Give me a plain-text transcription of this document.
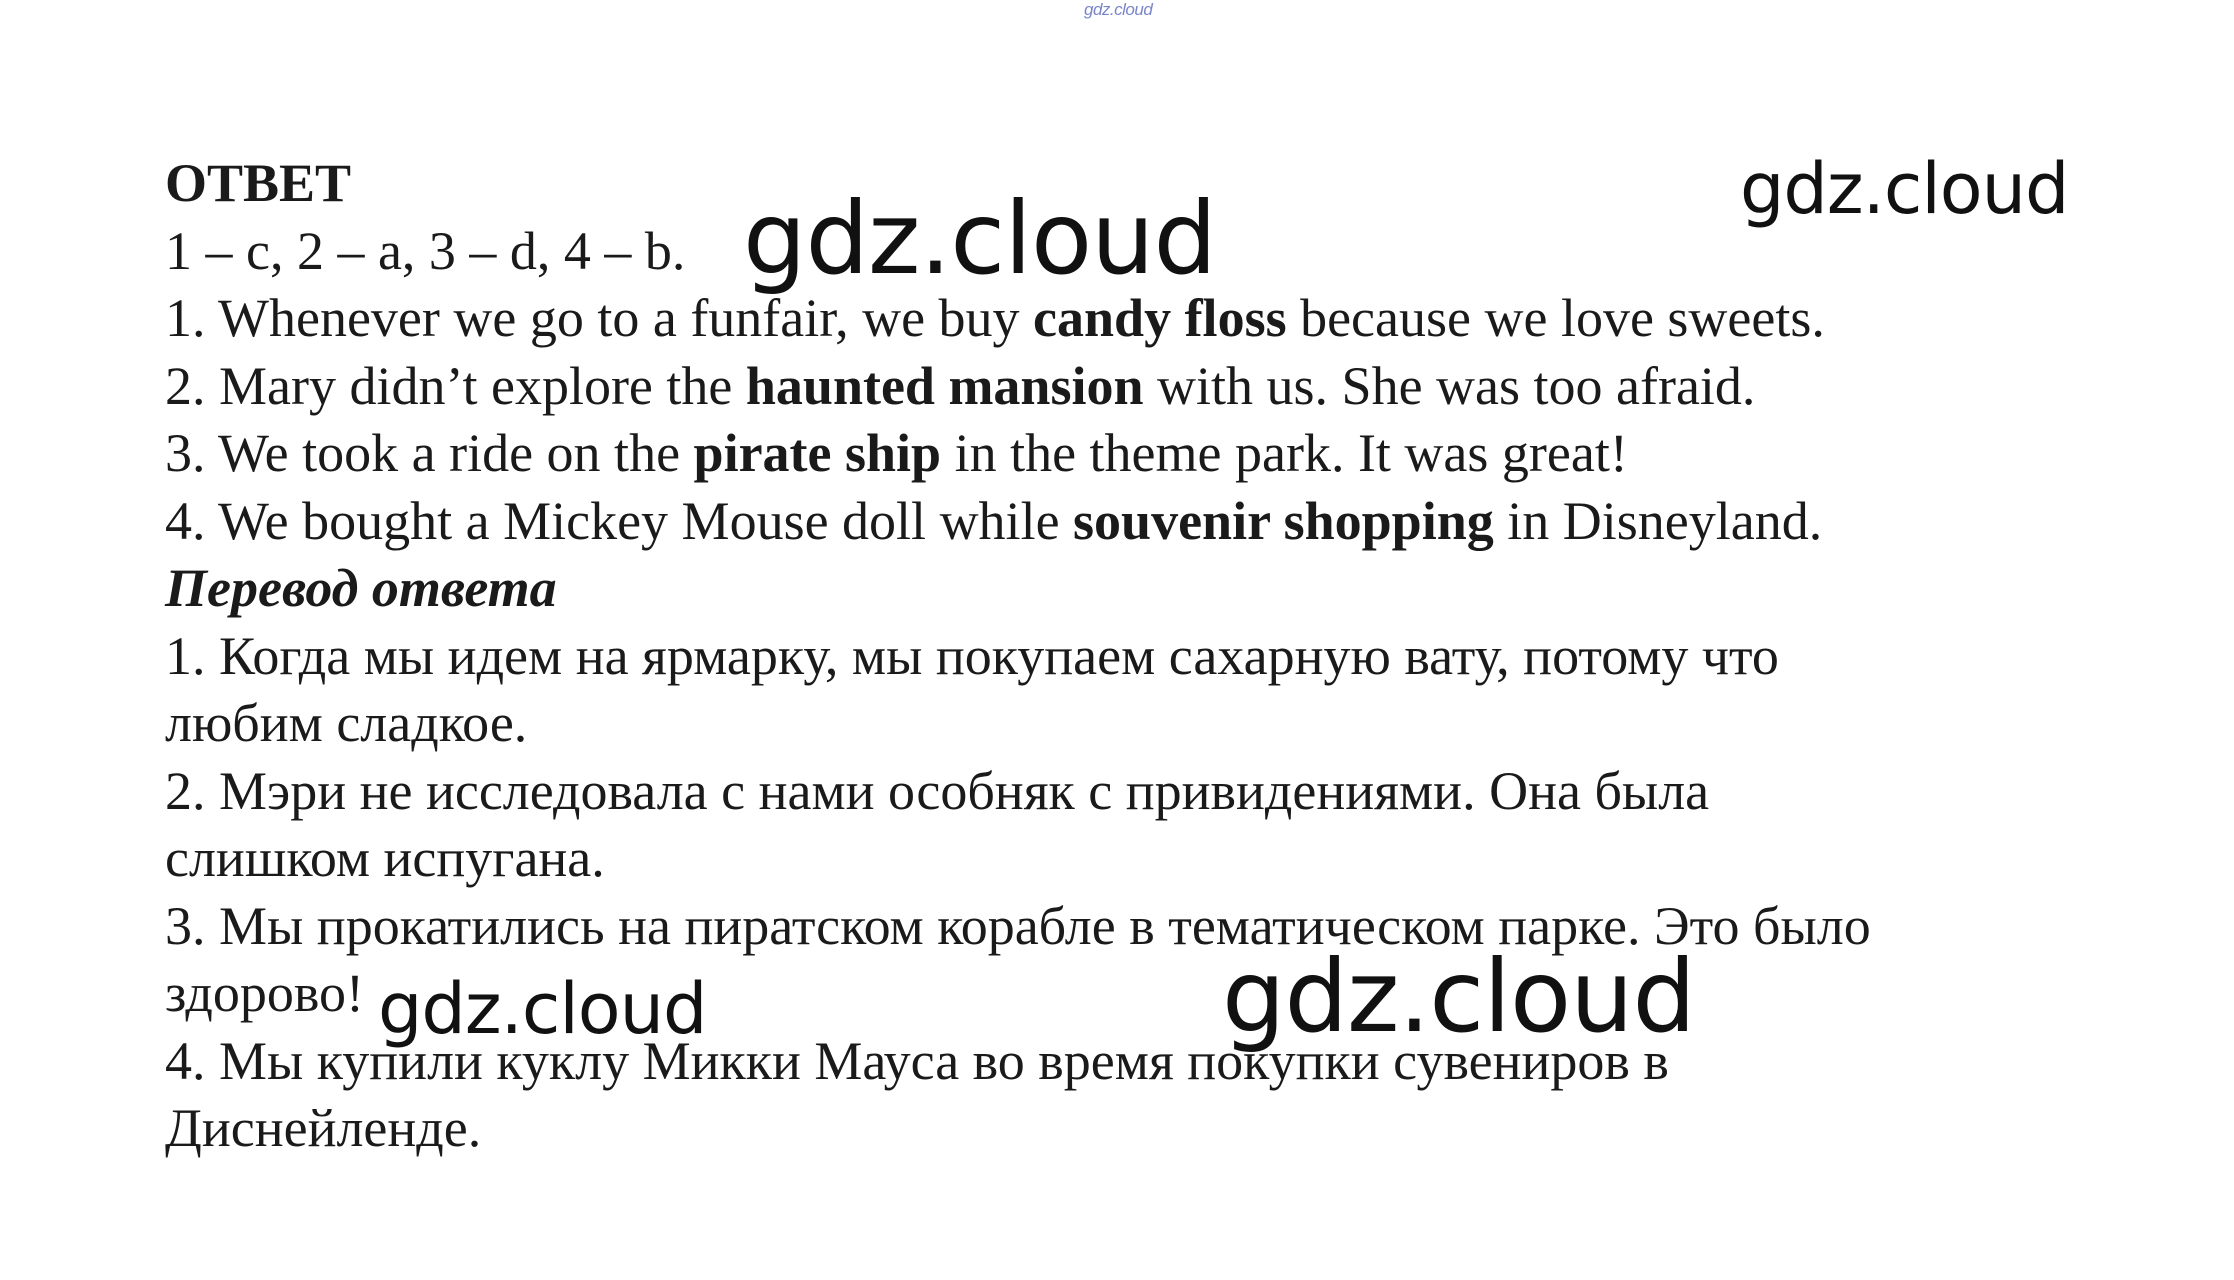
gdz.cloud
ОТВЕТ
1 – c, 2 – a, 3 – d, 4 – b.
1. Whenever we go to a funfair, we buy candy floss because we love sweets.
2. Mary didn’t explore the haunted mansion with us. She was too afraid.
3. We took a ride on the pirate ship in the theme park. It was great!
4. We bought a Mickey Mouse doll while souvenir shopping in Disneyland.
Перевод ответа
1. Когда мы идем на ярмарку, мы покупаем сахарную вату, потому что
любим сладкое.
2. Мэри не исследовала с нами особняк с привидениями. Она была
слишком испугана.
3. Мы прокатились на пиратском корабле в тематическом парке. Это было
здорово!
4. Мы купили куклу Микки Мауса во время покупки сувениров в
Диснейленде.
gdz.cloud	gdz.cloud
gdz.cloud	gdz.cloud
